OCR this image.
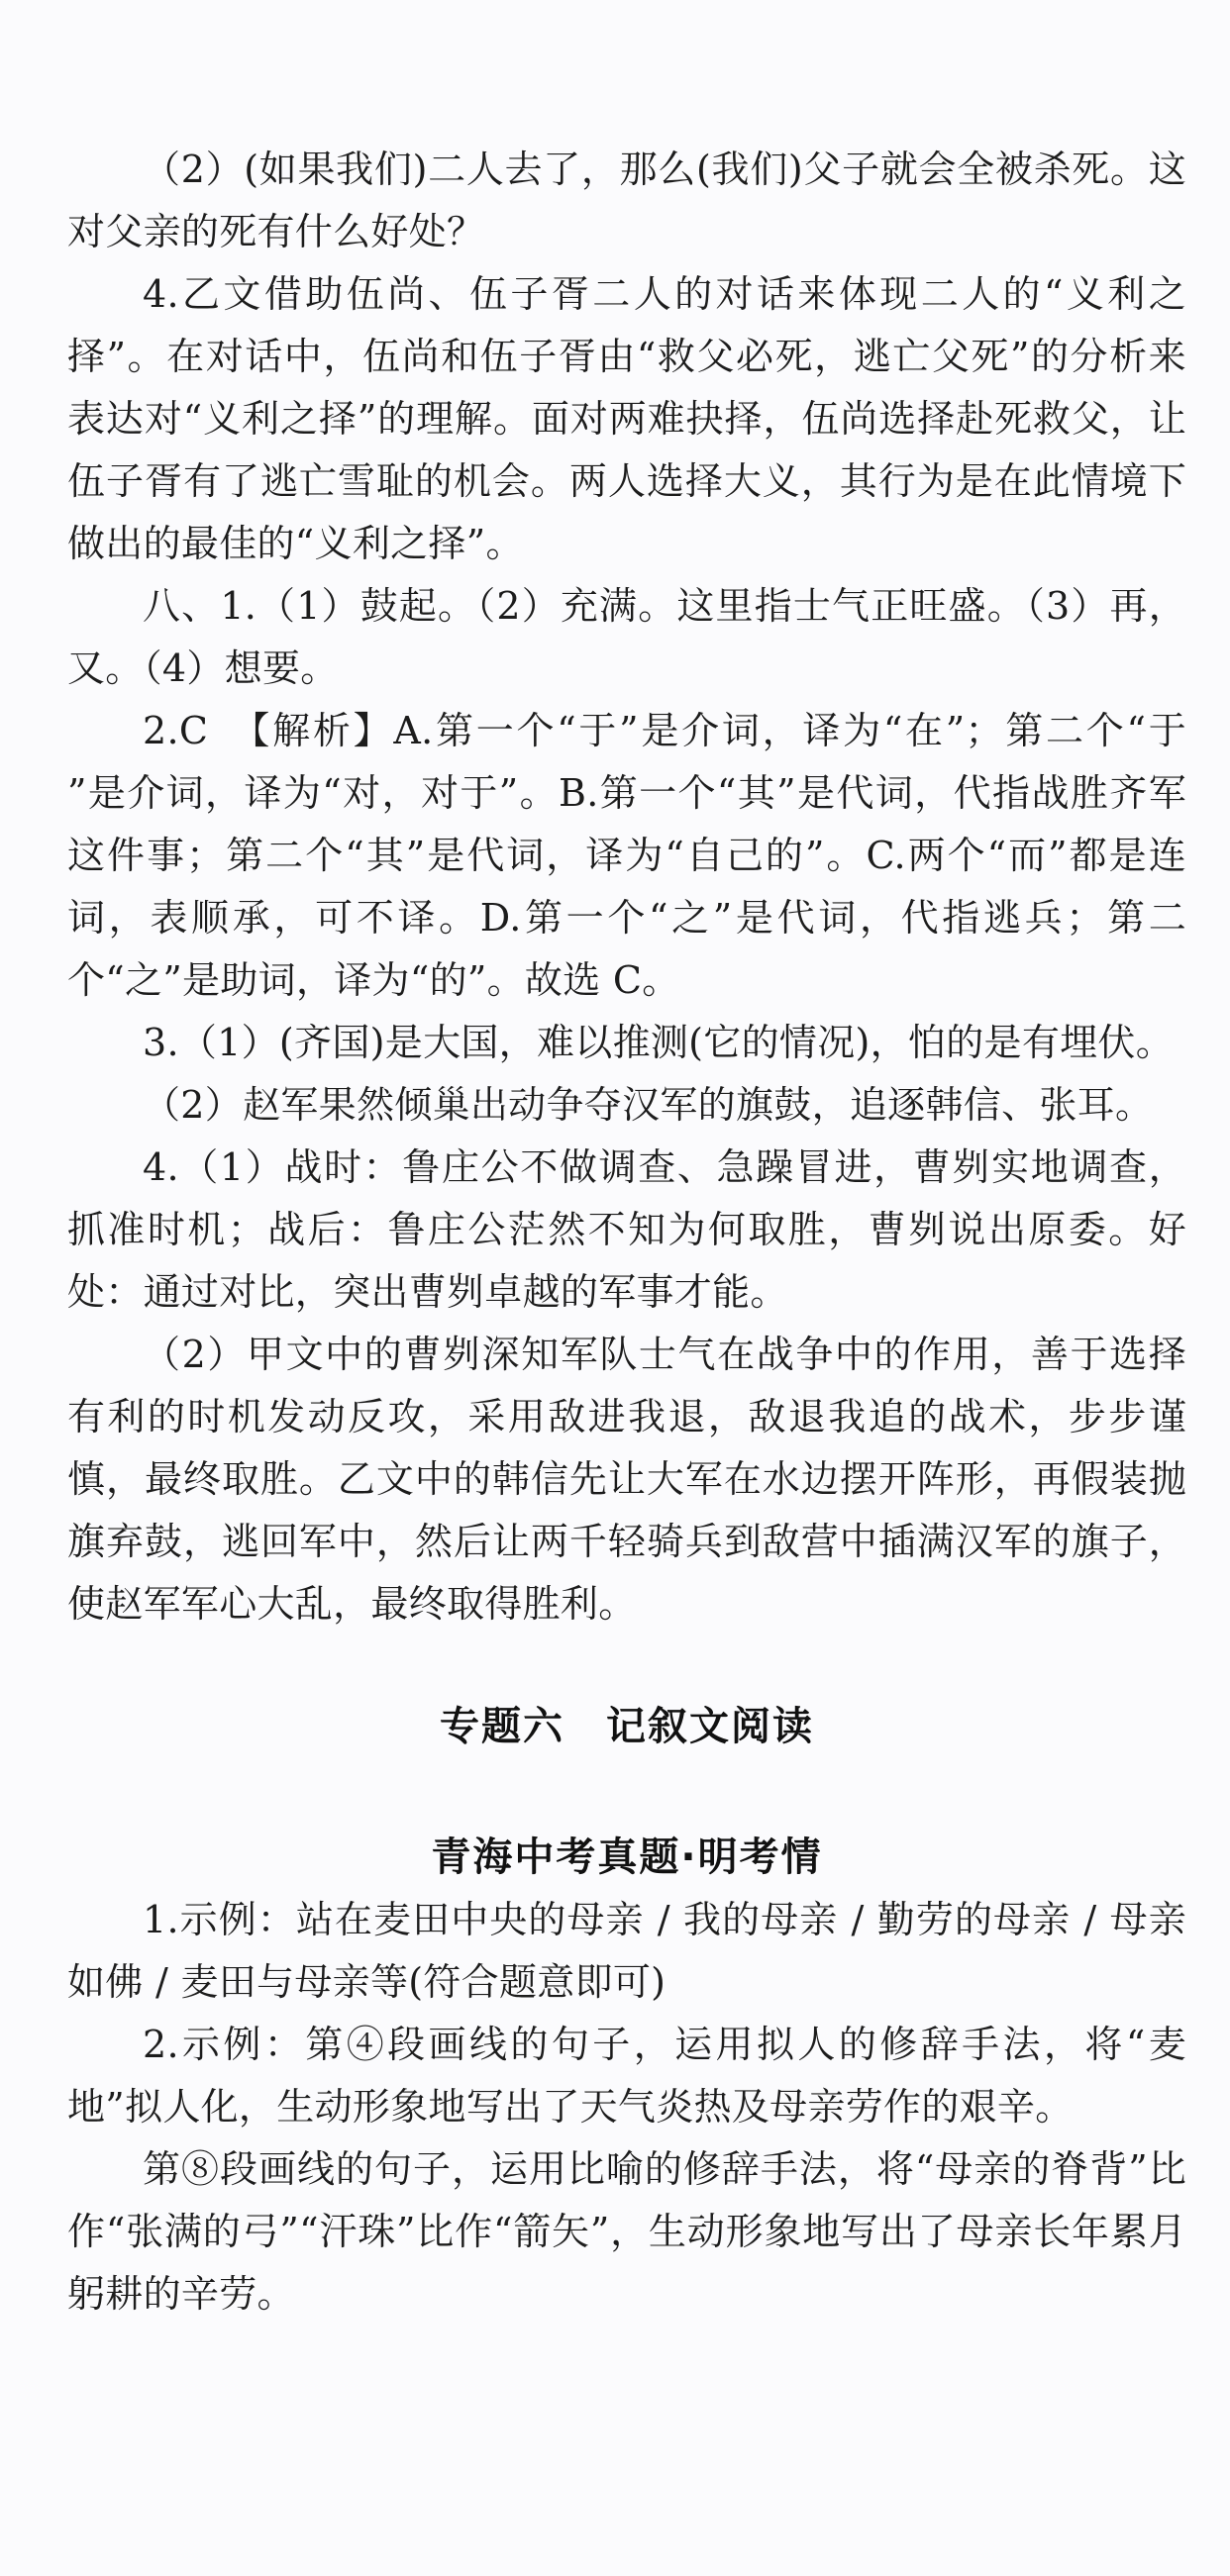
（2）(如果我们)二人去了，那么(我们)父子就会全被杀死。这对父亲的死有什么好处？

4.乙文借助伍尚、伍子胥二人的对话来体现二人的“义利之择”。在对话中，伍尚和伍子胥由“救父必死，逃亡父死”的分析来表达对“义利之择”的理解。面对两难抉择，伍尚选择赴死救父，让伍子胥有了逃亡雪耻的机会。两人选择大义，其行为是在此情境下做出的最佳的“义利之择”。

八、1.（1）鼓起。（2）充满。这里指士气正旺盛。（3）再，又。（4）想要。

2.C　【解析】A.第一个“于”是介词，译为“在”；第二个“于 ”是介词，译为“对，对于”。B.第一个“其”是代词，代指战胜齐军这件事；第二个“其”是代词，译为“自己的”。C.两个“而”都是连词，表顺承，可不译。D.第一个“之”是代词，代指逃兵；第二个“之”是助词，译为“的”。故选 C。

3.（1）(齐国)是大国，难以推测(它的情况)，怕的是有埋伏。

（2）赵军果然倾巢出动争夺汉军的旗鼓，追逐韩信、张耳。

4.（1）战时：鲁庄公不做调查、急躁冒进，曹刿实地调查，抓准时机；战后：鲁庄公茫然不知为何取胜，曹刿说出原委。好处：通过对比，突出曹刿卓越的军事才能。

（2）甲文中的曹刿深知军队士气在战争中的作用，善于选择有利的时机发动反攻，采用敌进我退，敌退我追的战术，步步谨慎，最终取胜。乙文中的韩信先让大军在水边摆开阵形，再假装抛旗弃鼓，逃回军中，然后让两千轻骑兵到敌营中插满汉军的旗子，使赵军军心大乱，最终取得胜利。

专题六　记叙文阅读
青海中考真题·明考情

1.示例：站在麦田中央的母亲 / 我的母亲 / 勤劳的母亲 / 母亲如佛 / 麦田与母亲等(符合题意即可)

2.示例：第④段画线的句子，运用拟人的修辞手法，将“麦地”拟人化，生动形象地写出了天气炎热及母亲劳作的艰辛。

第⑧段画线的句子，运用比喻的修辞手法，将“母亲的脊背”比作“张满的弓”“汗珠”比作“箭矢”，生动形象地写出了母亲长年累月躬耕的辛劳。
